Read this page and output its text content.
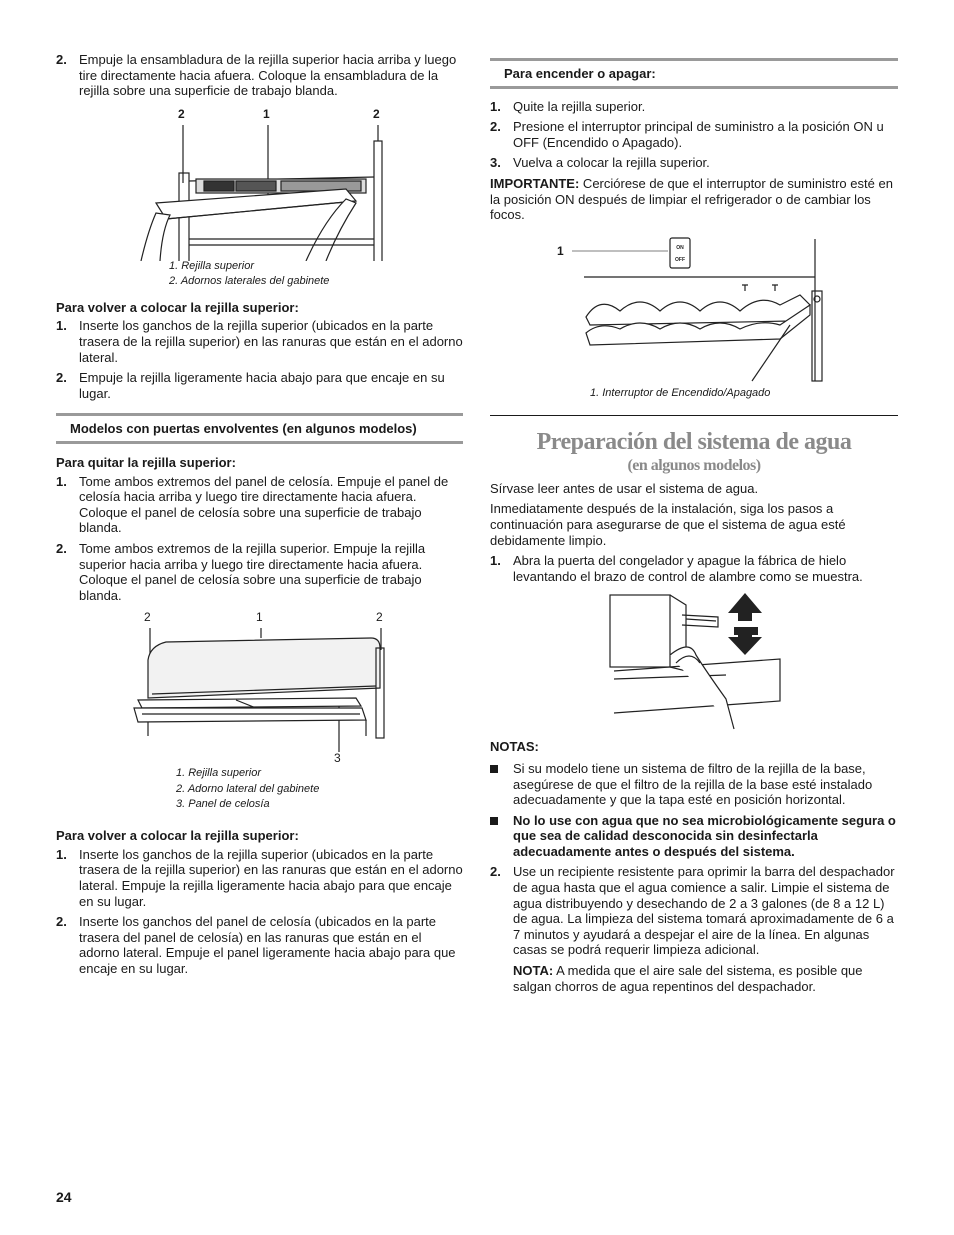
2. Empuje la ensambladura de la rejilla superior hacia arriba y luego tire directamente hacia afuera. Coloque la ensambladura de la rejilla sobre una superficie de trabajo blanda.
2	1	2
1. Rejilla superior
2. Adornos laterales del gabinete
Para volver a colocar la rejilla superior:
1. Inserte los ganchos de la rejilla superior (ubicados en la parte trasera de la rejilla superior) en las ranuras que están en el adorno lateral.
2. Empuje la rejilla ligeramente hacia abajo para que encaje en su lugar.
Modelos con puertas envolventes (en algunos modelos)
Para quitar la rejilla superior:
1. Tome ambos extremos del panel de celosía. Empuje el panel de celosía hacia arriba y luego tire directamente hacia afuera. Coloque el panel de celosía sobre una superficie de trabajo blanda.
2. Tome ambos extremos de la rejilla superior. Empuje la rejilla superior hacia arriba y luego tire directamente hacia afuera. Coloque el panel de celosía sobre una superficie de trabajo blanda.
2	1	2
3
1. Rejilla superior
2. Adorno lateral del gabinete
3. Panel de celosía
Para volver a colocar la rejilla superior:
1. Inserte los ganchos de la rejilla superior (ubicados en la parte trasera de la rejilla superior) en las ranuras que están en el adorno lateral. Empuje la rejilla ligeramente hacia abajo para que encaje en su lugar.
2. Inserte los ganchos del panel de celosía (ubicados en la parte trasera del panel de celosía) en las ranuras que están en el adorno lateral. Empuje el panel ligeramente hacia abajo para que encaje en su lugar.
Para encender o apagar:
1. Quite la rejilla superior.
2. Presione el interruptor principal de suministro a la posición ON u OFF (Encendido o Apagado).
3. Vuelva a colocar la rejilla superior.

IMPORTANTE: Cerciórese de que el interruptor de suministro esté en la posición ON después de limpiar el refrigerador o de cambiar los focos.

1	ON
OFF
1. Interruptor de Encendido/Apagado
Preparación del sistema de agua
(en algunos modelos)

Sírvase leer antes de usar el sistema de agua.

Inmediatamente después de la instalación, siga los pasos a continuación para asegurarse de que el sistema de agua esté debidamente limpio.

1. Abra la puerta del congelador y apague la fábrica de hielo levantando el brazo de control de alambre como se muestra.
NOTAS:
Si su modelo tiene un sistema de filtro de la rejilla de la base, asegúrese de que el filtro de la rejilla de la base esté instalado adecuadamente y que la tapa esté en posición horizontal.
No lo use con agua que no sea microbiológicamente segura o que sea de calidad desconocida sin desinfectarla adecuadamente antes o después del sistema.
2. Use un recipiente resistente para oprimir la barra del despachador de agua hasta que el agua comience a salir. Limpie el sistema de agua distribuyendo y desechando de 2 a 3 galones (de 8 a 12 L) de agua. La limpieza del sistema tomará aproximadamente de 6 a 7 minutos y ayudará a despejar el aire de la línea. En algunas casas se podrá requerir limpieza adicional.

NOTA: A medida que el aire sale del sistema, es posible que salgan chorros de agua repentinos del despachador.

24
